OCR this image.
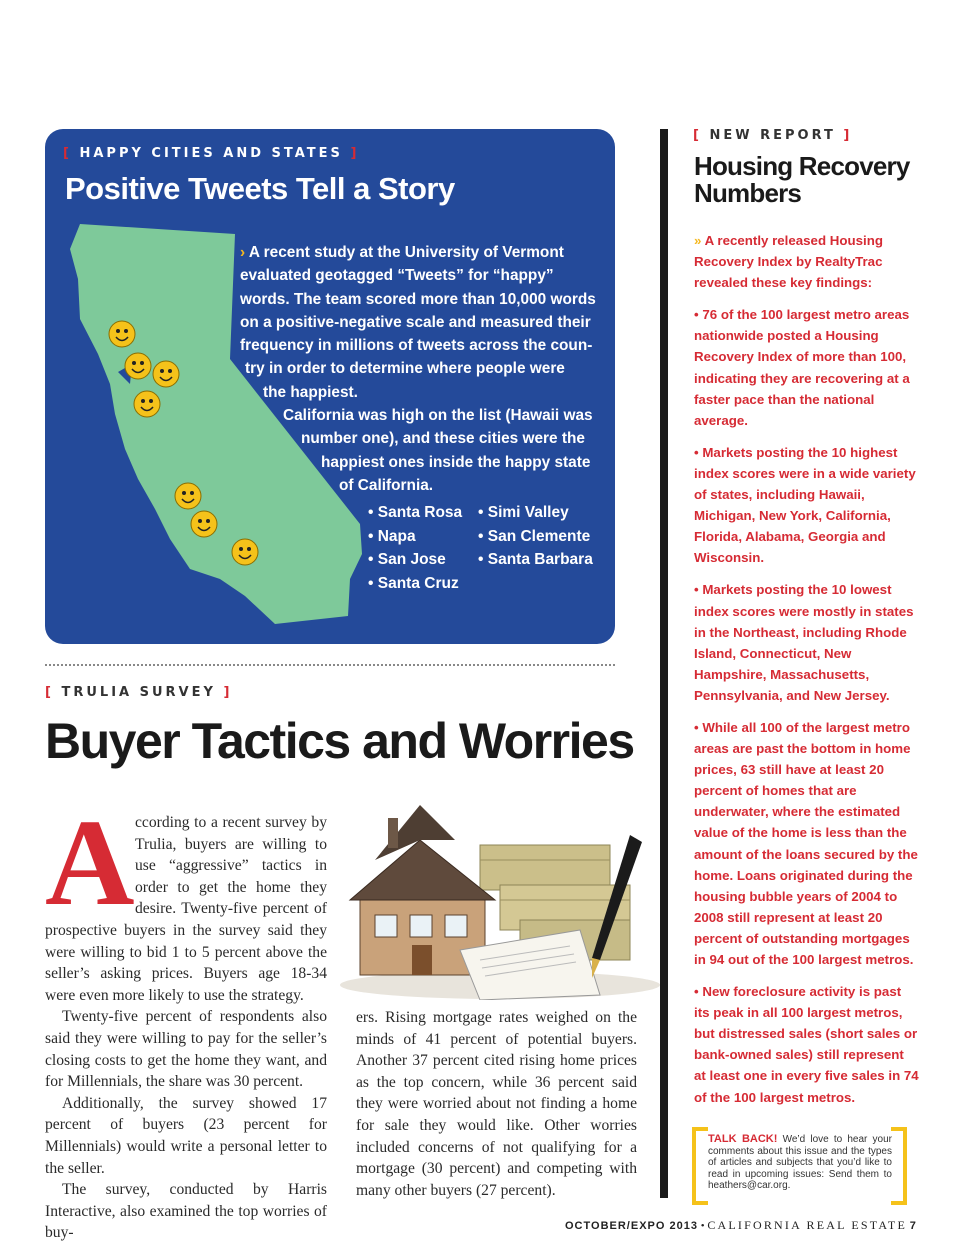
[ HAPPY CITIES AND STATES ]
Positive Tweets Tell a Story
› A recent study at the University of Vermont
evaluated geotagged “Tweets” for “happy”
words. The team scored more than 10,000 words
on a positive-negative scale and measured their
frequency in millions of tweets across the coun-
try in order to determine where people were
the happiest.
California was high on the list (Hawaii was
number one), and these cities were the
happiest ones inside the happy state
of California.
• Santa Rosa
• Napa
• San Jose
• Santa Cruz
• Simi Valley
• San Clemente
• Santa Barbara
[ TRULIA SURVEY ]
Buyer Tactics and Worries

According to a recent survey by Trulia, buyers are willing to use “aggressive” tactics in order to get the home they desire. Twenty-five percent of prospective buyers in the survey said they were willing to bid 1 to 5 percent above the seller’s asking prices. Buyers age 18-34 were even more likely to use the strategy.

Twenty-five percent of respondents also said they were willing to pay for the seller’s closing costs to get the home they want, and for Millennials, the share was 30 percent.

Additionally, the survey showed 17 percent of buyers (23 percent for Millennials) would write a personal letter to the seller.

The survey, conducted by Harris Interactive, also examined the top worries of buy-

ers. Rising mortgage rates weighed on the minds of 41 percent of potential buyers. Another 37 percent cited rising home prices as the top concern, while 36 percent said they were worried about not finding a home for sale they would like. Other worries included concerns of not qualifying for a mortgage (30 percent) and competing with many other buyers (27 percent).

[ NEW REPORT ]
Housing Recovery Numbers

» A recently released Housing Recovery Index by RealtyTrac revealed these key findings:

• 76 of the 100 largest metro areas nationwide posted a Housing Recovery Index of more than 100, indicating they are recovering at a faster pace than the national average.

• Markets posting the 10 highest index scores were in a wide variety of states, including Hawaii, Michigan, New York, California, Florida, Alabama, Georgia and Wisconsin.

• Markets posting the 10 lowest index scores were mostly in states in the Northeast, including Rhode Island, Connecticut, New Hampshire, Massachusetts, Pennsylvania, and New Jersey.

• While all 100 of the largest metro areas are past the bottom in home prices, 63 still have at least 20 percent of homes that are underwater, where the estimated value of the home is less than the amount of the loans secured by the home. Loans originated during the housing bubble years of 2004 to 2008 still represent at least 20 percent of outstanding mortgages in 94 out of the 100 largest metros.

• New foreclosure activity is past its peak in all 100 largest metros, but distressed sales (short sales or bank-owned sales) still represent at least one in every five sales in 74 of the 100 largest metros.

TALK BACK! We’d love to hear your comments about this issue and the types of articles and subjects that you’d like to read in upcoming issues: Send them to heathers@car.org.
OCTOBER/EXPO 2013 • CALIFORNIA REAL ESTATE 7
